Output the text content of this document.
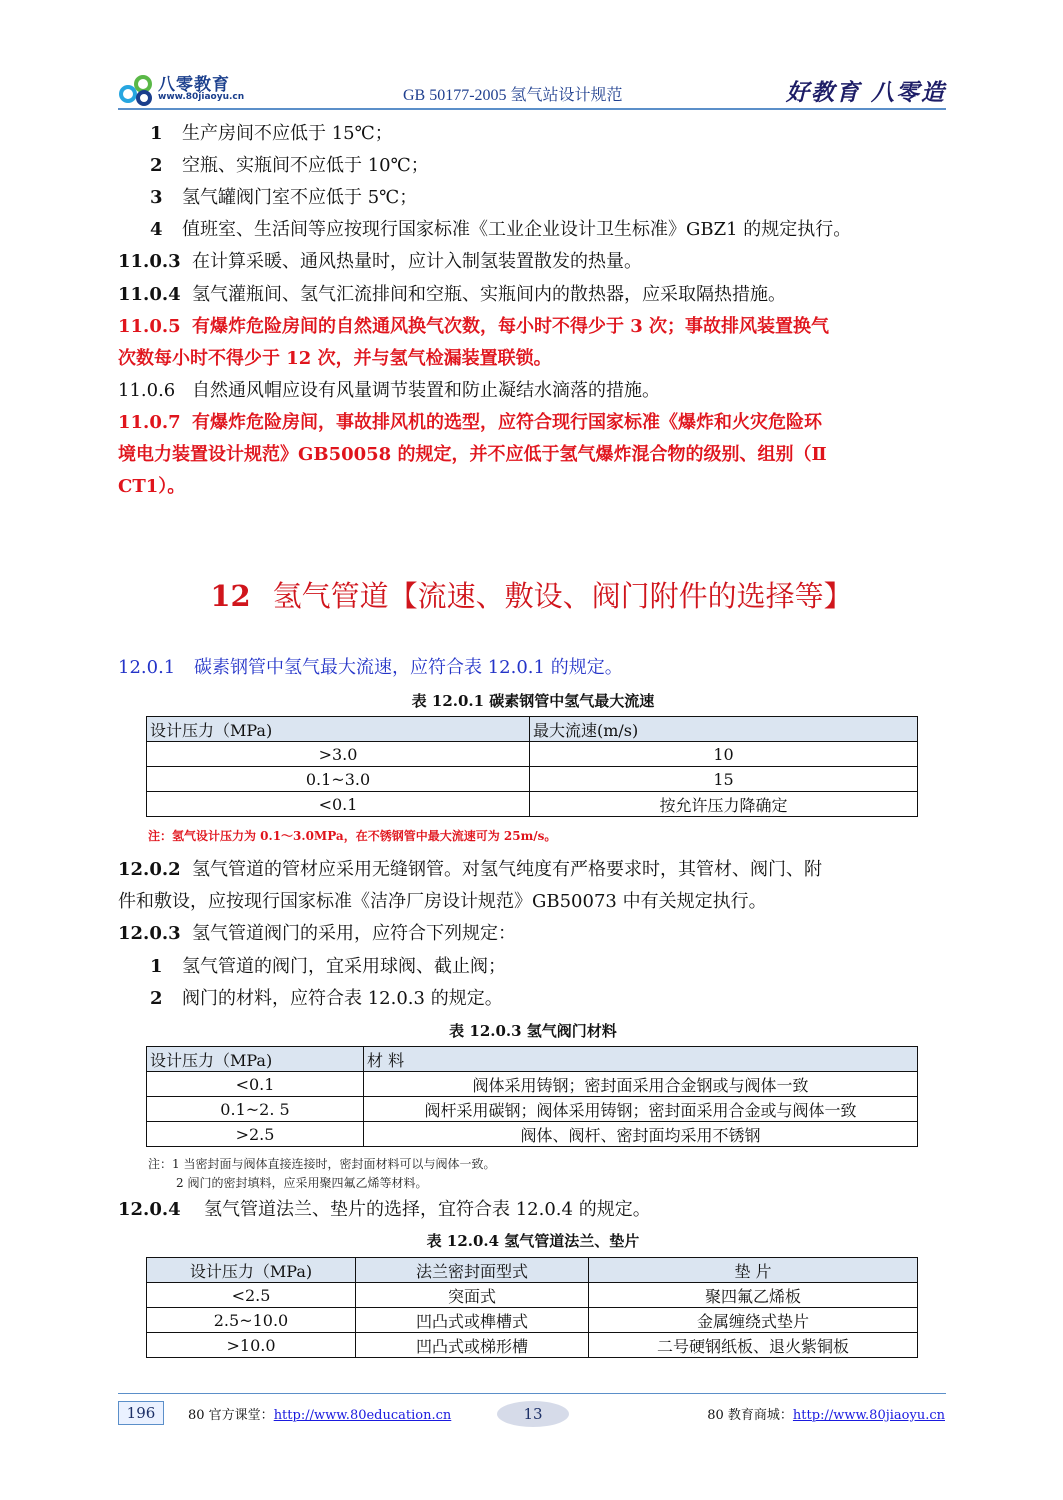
八零教育
www.80jiaoyu.cn	GB 50177-2005 氢气站设计规范	好教育 八零造
1 生产房间不应低于 15℃；
2 空瓶、实瓶间不应低于 10℃；
3 氢气罐阀门室不应低于 5℃；
4 值班室、生活间等应按现行国家标准《工业企业设计卫生标准》GBZ1 的规定执行。
11.0.3 在计算采暖、通风热量时，应计入制氢装置散发的热量。
11.0.4 氢气灌瓶间、氢气汇流排间和空瓶、实瓶间内的散热器，应采取隔热措施。
11.0.5 有爆炸危险房间的自然通风换气次数，每小时不得少于 3 次；事故排风装置换气
次数每小时不得少于 12 次，并与氢气检漏装置联锁。
11.0.6 自然通风帽应设有风量调节装置和防止凝结水滴落的措施。
11.0.7 有爆炸危险房间，事故排风机的选型，应符合现行国家标准《爆炸和火灾危险环
境电力装置设计规范》GB50058 的规定，并不应低于氢气爆炸混合物的级别、组别（Ⅱ
CT1）。
12 氢气管道【流速、敷设、阀门附件的选择等】
12.0.1 碳素钢管中氢气最大流速，应符合表 12.0.1 的规定。
表 12.0.1 碳素钢管中氢气最大流速
设计压力（MPa)	最大流速(m/s)
>3.0	10
0.1~3.0	15
<0.1	按允许压力降确定
注：氢气设计压力为 0.1～3.0MPa，在不锈钢管中最大流速可为 25m/s。
12.0.2 氢气管道的管材应采用无缝钢管。对氢气纯度有严格要求时，其管材、阀门、附
件和敷设，应按现行国家标准《洁净厂房设计规范》GB50073 中有关规定执行。
12.0.3 氢气管道阀门的采用，应符合下列规定：
1 氢气管道的阀门，宜采用球阀、截止阀；
2 阀门的材料，应符合表 12.0.3 的规定。
表 12.0.3 氢气阀门材料
设计压力（MPa)	材 料
<0.1	阀体采用铸钢；密封面采用合金钢或与阀体一致
0.1~2. 5	阀杆采用碳钢；阀体采用铸钢；密封面采用合金或与阀体一致
>2.5	阀体、阀杆、密封面均采用不锈钢
注：1 当密封面与阀体直接连接时，密封面材料可以与阀体一致。
2 阀门的密封填料，应采用聚四氟乙烯等材料。
12.0.4 氢气管道法兰、垫片的选择，宜符合表 12.0.4 的规定。
表 12.0.4 氢气管道法兰、垫片
设计压力（MPa)	法兰密封面型式	垫 片
<2.5	突面式	聚四氟乙烯板
2.5~10.0	凹凸式或榫槽式	金属缠绕式垫片
>10.0	凹凸式或梯形槽	二号硬钢纸板、退火紫铜板
196	80 官方课堂：http://www.80education.cn	13	80 教育商城：http://www.80jiaoyu.cn
